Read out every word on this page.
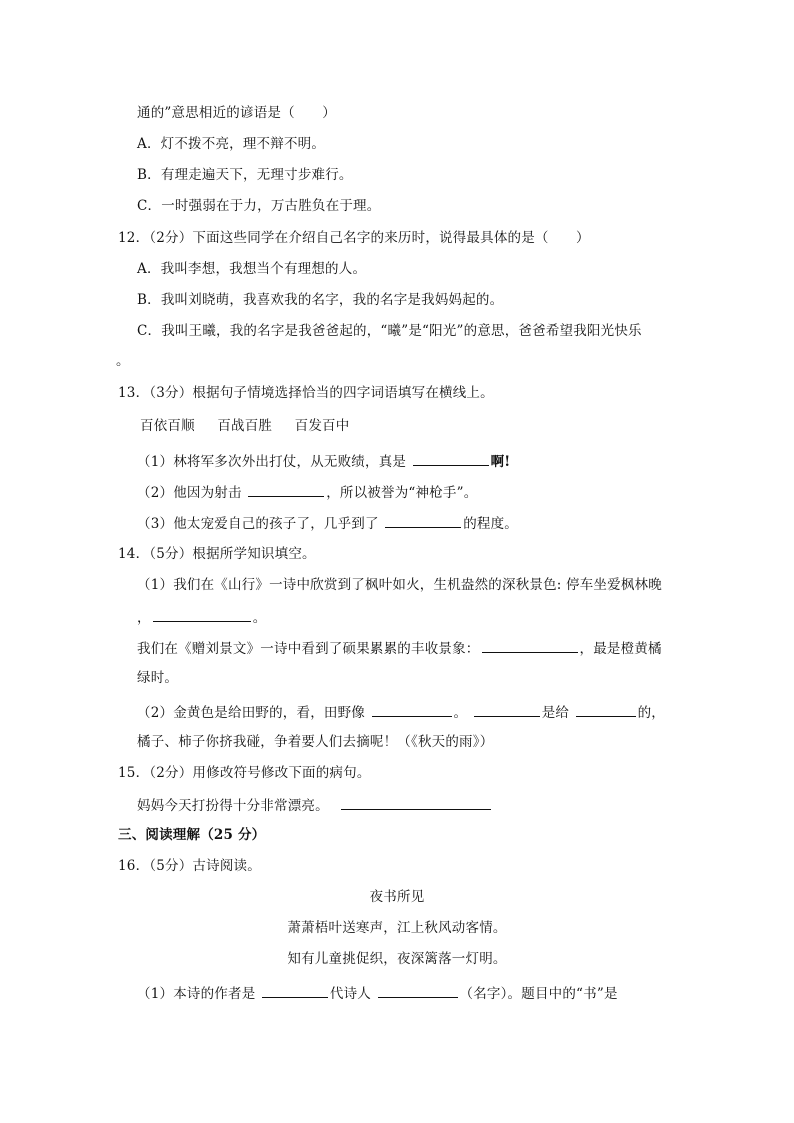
通的”意思相近的谚语是（　　）
A．灯不拨不亮，理不辩不明。
B．有理走遍天下，无理寸步难行。
C．一时强弱在于力，万古胜负在于理。
12．（2分）下面这些同学在介绍自己名字的来历时，说得最具体的是（　　）
A．我叫李想，我想当个有理想的人。
B．我叫刘晓萌，我喜欢我的名字，我的名字是我妈妈起的。
C．我叫王曦，我的名字是我爸爸起的，“曦”是“阳光”的意思，爸爸希望我阳光快乐
。
13．（3分）根据句子情境选择恰当的四字词语填写在横线上。
百依百顺 百战百胜 百发百中
（1）林将军多次外出打仗，从无败绩，真是	啊!
（2）他因为射击	，所以被誉为“神枪手”。
（3）他太宠爱自己的孩子了，几乎到了	的程度。
14．（5分）根据所学知识填空。
（1）我们在《山行》一诗中欣赏到了枫叶如火，生机盎然的深秋景色: 停车坐爱枫林晚
，	。
我们在《赠刘景文》一诗中看到了硕果累累的丰收景象：	，最是橙黄橘
绿时。
（2）金黄色是给田野的，看，田野像	。	是给	的，
橘子、柿子你挤我碰，争着要人们去摘呢！（《秋天的雨》）
15．（2分）用修改符号修改下面的病句。
妈妈今天打扮得十分非常漂亮。
三、阅读理解（25 分）
16．（5分）古诗阅读。
夜书所见
萧萧梧叶送寒声，江上秋风动客情。
知有儿童挑促织，夜深篱落一灯明。
（1）本诗的作者是	代诗人	（名字）。题目中的“书”是
